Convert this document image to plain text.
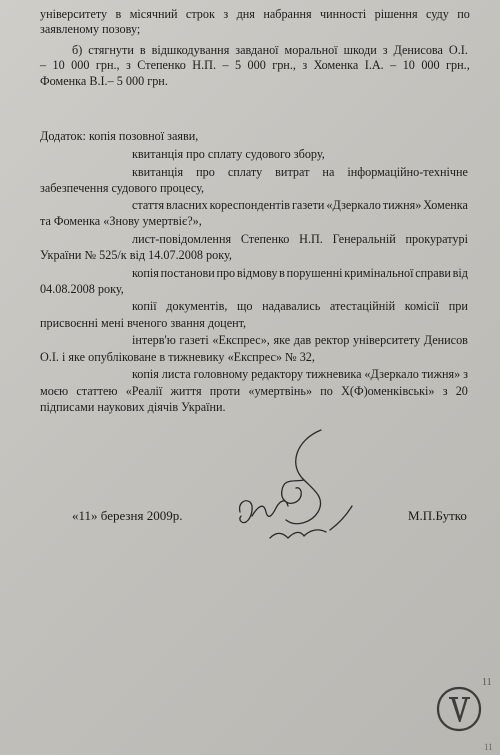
університету в місячний строк з дня набрання чинності рішення суду по
заявленому позову;
б) стягнути в відшкодування завданої моральної шкоди з Денисова О.І.
– 10 000 грн., з Степенко Н.П. – 5 000 грн., з Хоменка І.А. – 10 000 грн.,
Фоменка В.І.– 5 000 грн.
Додаток: копія позовної заяви,
квитанція про сплату судового збору,
квитанція про сплату витрат на інформаційно-технічне
забезпечення судового процесу,
стаття власних кореспондентів газети «Дзеркало тижня» Хоменка
та Фоменка «Знову умертвіє?»,
лист-повідомлення Степенко Н.П. Генеральній прокуратурі
України № 525/к від 14.07.2008 року,
копія постанови про відмову в порушенні кримінальної справи від
04.08.2008 року,
копії документів, що надавались атестаційній комісії при
присвоєнні мені вченого звання доцент,
інтерв'ю газеті «Експрес», яке дав ректор університету Денисов
О.І. і яке опубліковане в тижневику «Експрес» № 32,
копія листа головному редактору тижневика «Дзеркало тижня» з
моєю статтею «Реалії життя проти «умертвінь» по Х(Ф)оменківські» з 20
підписами наукових діячів України.
«11» березня 2009р.	М.П.Бутко
11
11
